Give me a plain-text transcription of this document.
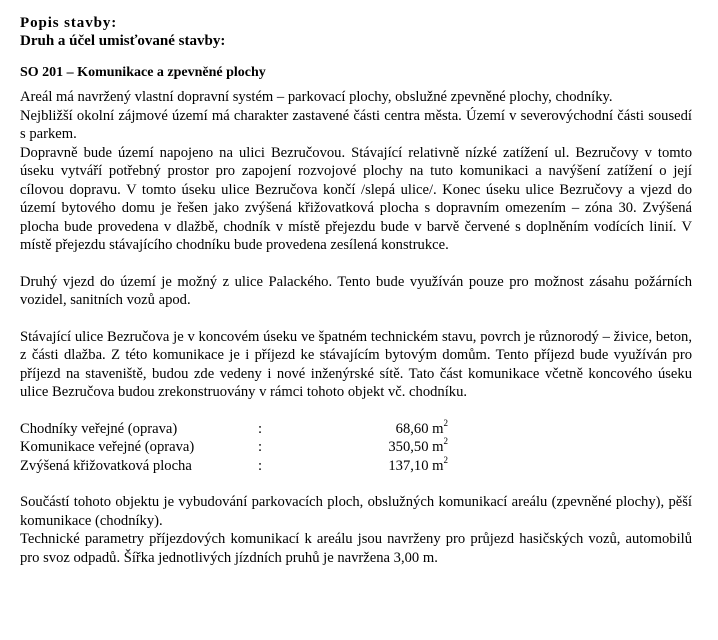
Popis stavby:

Druh a účel umisťované stavby:

SO 201 – Komunikace a zpevněné plochy

Areál má navržený vlastní dopravní systém – parkovací plochy, obslužné zpevněné plochy, chodníky.

Nejbližší okolní zájmové území má charakter zastavené části centra města. Území v severovýchodní části sousedí s parkem.

Dopravně bude území napojeno na ulici Bezručovou. Stávající relativně nízké zatížení ul. Bezručovy v tomto úseku vytváří potřebný prostor pro zapojení rozvojové plochy na tuto komunikaci a navýšení zatížení o její cílovou dopravu. V tomto úseku ulice Bezručova končí /slepá ulice/. Konec úseku ulice Bezručovy a vjezd do území bytového domu je řešen jako zvýšená křižovatková plocha s dopravním omezením – zóna 30. Zvýšená plocha bude provedena v dlažbě, chodník v místě přejezdu bude v barvě červené s doplněním vodících linií. V místě přejezdu stávajícího chodníku bude provedena zesílená konstrukce.

Druhý vjezd do území je možný z ulice Palackého. Tento bude využíván pouze pro možnost zásahu požárních vozidel, sanitních vozů apod.

Stávající ulice Bezručova je v koncovém úseku ve špatném technickém stavu, povrch je různorodý – živice, beton, z části dlažba. Z této komunikace je i příjezd ke stávajícím bytovým domům. Tento příjezd bude využíván pro příjezd na staveniště, budou zde vedeny i nové inženýrské sítě. Tato část komunikace včetně koncového úseku ulice Bezručova budou zrekonstruovány v rámci tohoto objekt vč. chodníku.

Chodníky veřejné (oprava)	:	68,60 $m^2$
Komunikace veřejné (oprava)	:	350,50 $m^2$
Zvýšená křižovatková plocha	:	137,10 $m^2$

Součástí tohoto objektu je vybudování parkovacích ploch, obslužných komunikací areálu (zpevněné plochy), pěší komunikace (chodníky).

Technické parametry příjezdových komunikací k areálu jsou navrženy pro průjezd hasičských vozů, automobilů pro svoz odpadů. Šířka jednotlivých jízdních pruhů je navržena 3,00 m.
